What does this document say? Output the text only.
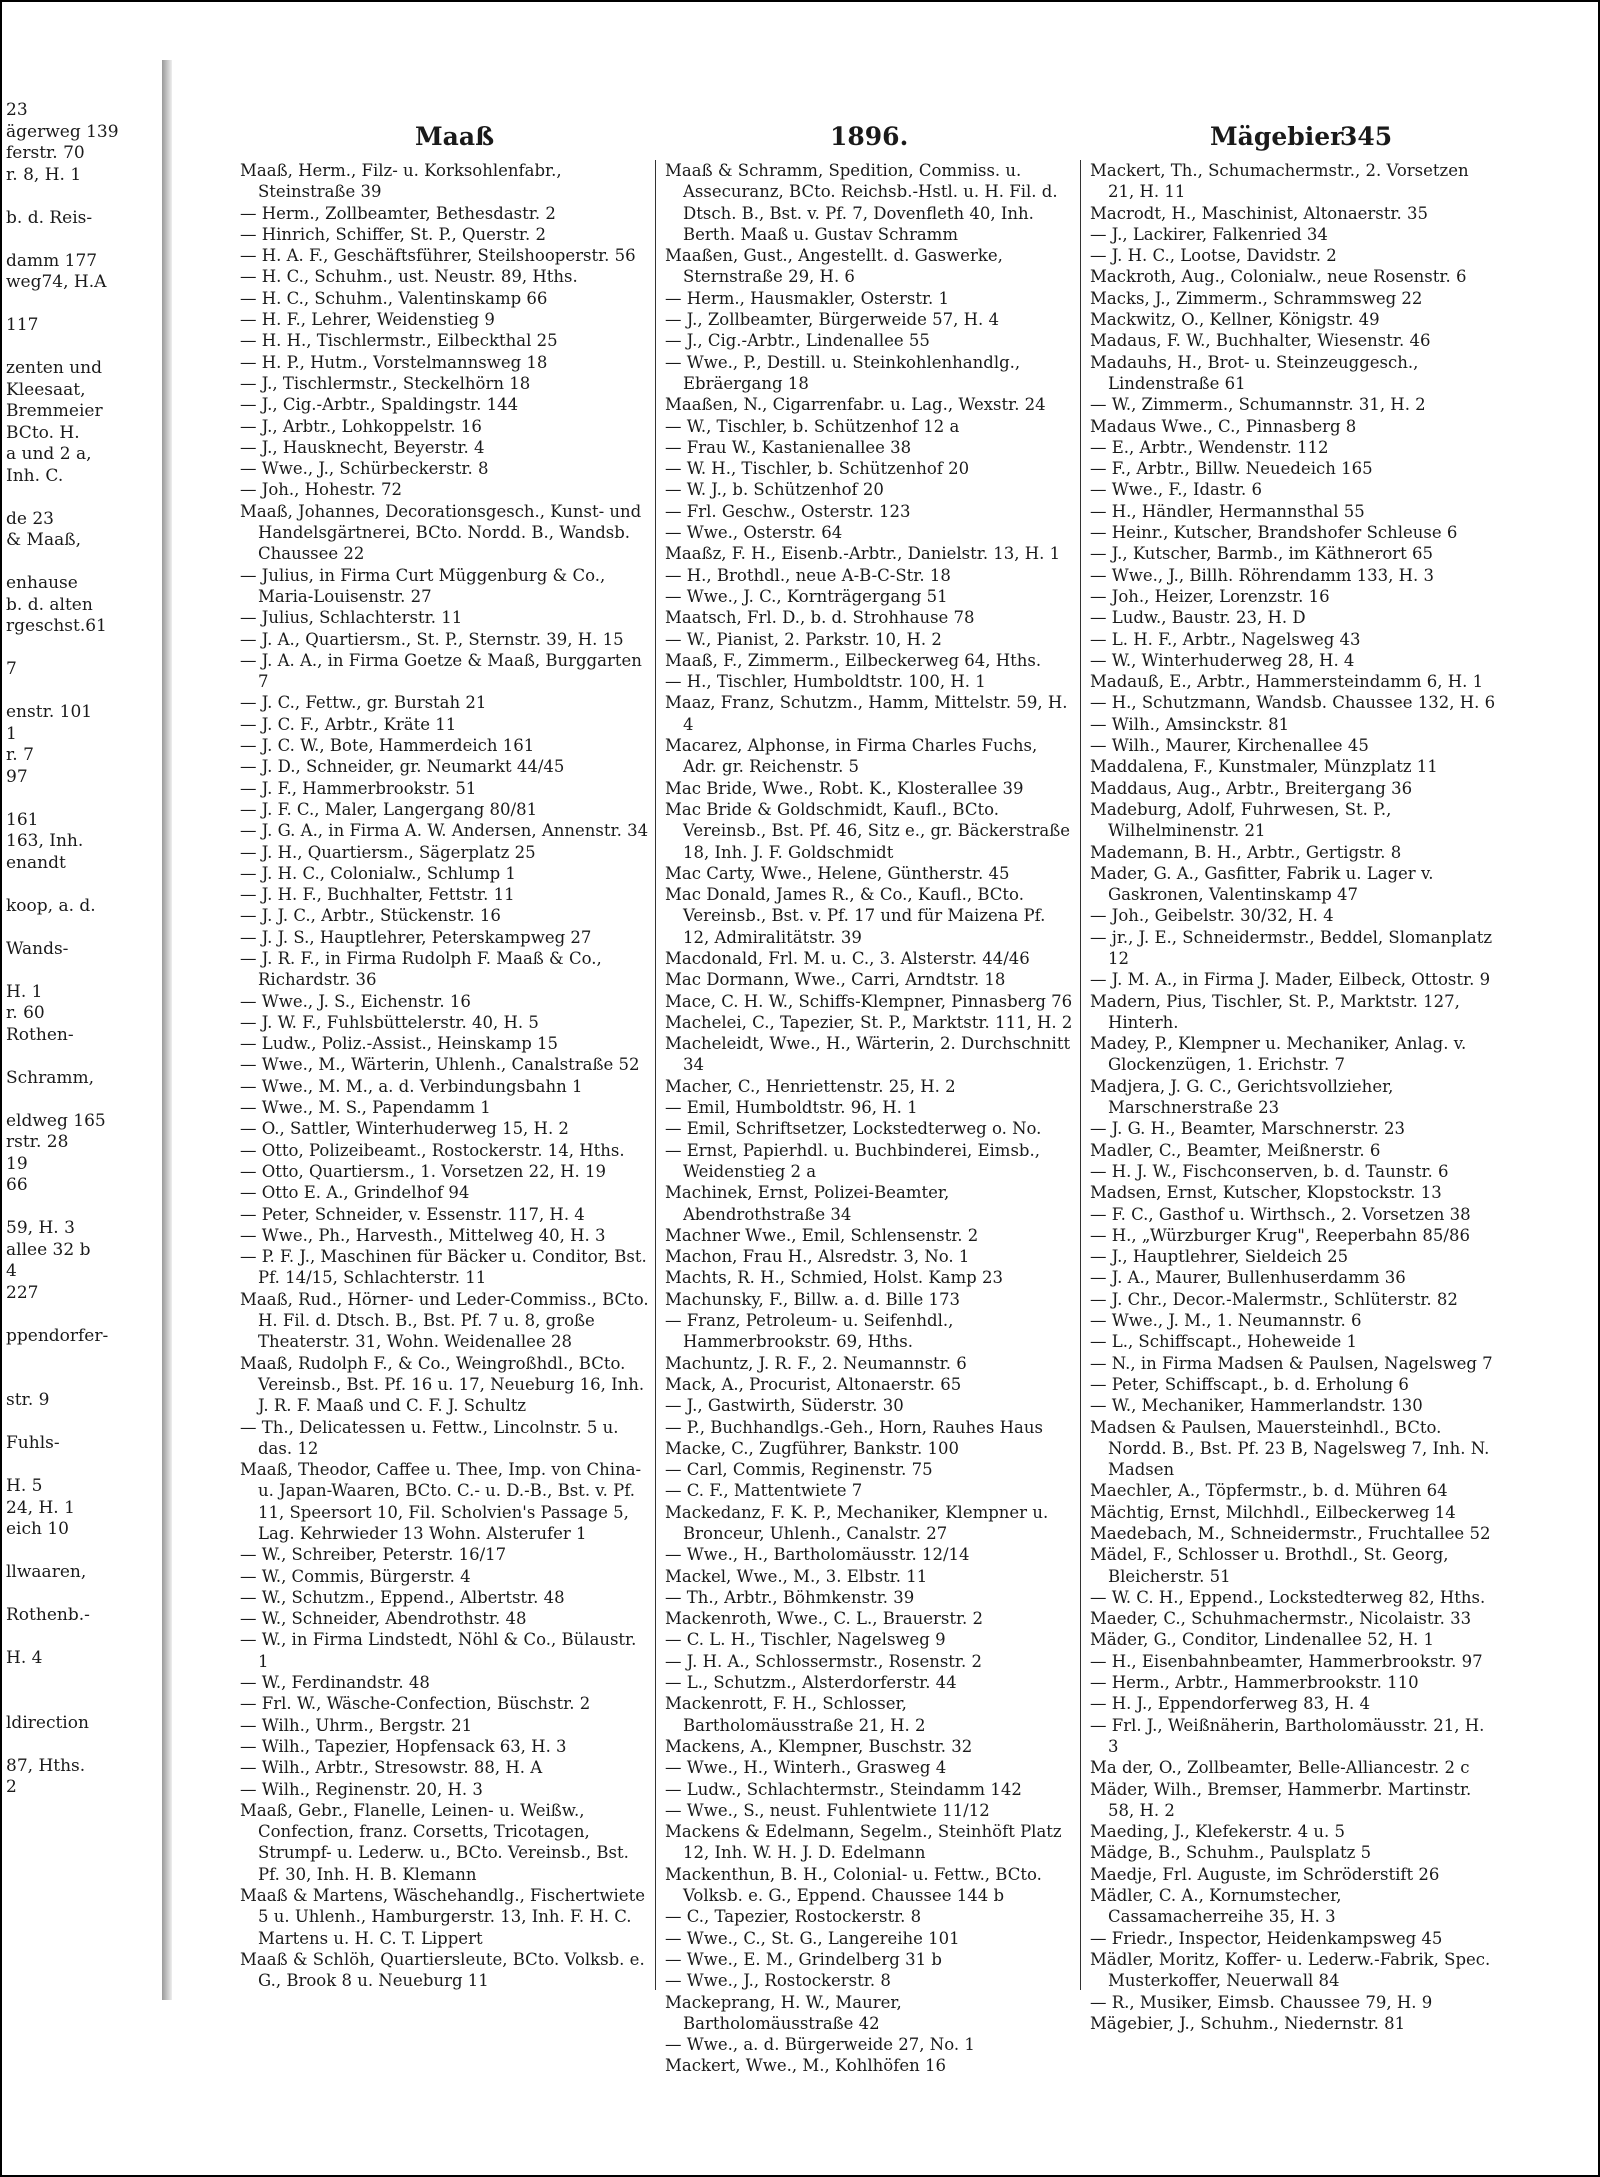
23
ägerweg 139
ferstr. 70
r. 8, H. 1

b. d. Reis-

damm 177
weg74, H.A

117

zenten und
Kleesaat,
Bremmeier
BCto. H.
a und 2 a,
Inh. C.

de 23
& Maaß,

enhause
b. d. alten
rgeschst.61

7

enstr. 101
1
r. 7
97

161
163, Inh.
enandt

koop, a. d.

Wands-

H. 1
r. 60
Rothen-

Schramm,

eldweg 165
rstr. 28
19
66

59, H. 3
allee 32 b
4
227

ppendorfer-

str. 9

Fuhls-

H. 5
24, H. 1
eich 10

llwaaren,

Rothenb.-

H. 4

ldirection

87, Hths.
2
Maaß	1896.	Mägebier
345
Maaß, Herm., Filz- u. Korksohlenfabr., Steinstraße 39
— Herm., Zollbeamter, Bethesdastr. 2
— Hinrich, Schiffer, St. P., Querstr. 2
— H. A. F., Geschäftsführer, Steilshooperstr. 56
— H. C., Schuhm., ust. Neustr. 89, Hths.
— H. C., Schuhm., Valentinskamp 66
— H. F., Lehrer, Weidenstieg 9
— H. H., Tischlermstr., Eilbeckthal 25
— H. P., Hutm., Vorstelmannsweg 18
— J., Tischlermstr., Steckelhörn 18
— J., Cig.-Arbtr., Spaldingstr. 144
— J., Arbtr., Lohkoppelstr. 16
— J., Hausknecht, Beyerstr. 4
— Wwe., J., Schürbeckerstr. 8
— Joh., Hohestr. 72
Maaß, Johannes, Decorationsgesch., Kunst- und Handelsgärtnerei, BCto. Nordd. B., Wandsb. Chaussee 22
— Julius, in Firma Curt Müggenburg & Co., Maria-Louisenstr. 27
— Julius, Schlachterstr. 11
— J. A., Quartiersm., St. P., Sternstr. 39, H. 15
— J. A. A., in Firma Goetze & Maaß, Burggarten 7
— J. C., Fettw., gr. Burstah 21
— J. C. F., Arbtr., Kräte 11
— J. C. W., Bote, Hammerdeich 161
— J. D., Schneider, gr. Neumarkt 44/45
— J. F., Hammerbrookstr. 51
— J. F. C., Maler, Langergang 80/81
— J. G. A., in Firma A. W. Andersen, Annenstr. 34
— J. H., Quartiersm., Sägerplatz 25
— J. H. C., Colonialw., Schlump 1
— J. H. F., Buchhalter, Fettstr. 11
— J. J. C., Arbtr., Stückenstr. 16
— J. J. S., Hauptlehrer, Peterskampweg 27
— J. R. F., in Firma Rudolph F. Maaß & Co., Richardstr. 36
— Wwe., J. S., Eichenstr. 16
— J. W. F., Fuhlsbüttelerstr. 40, H. 5
— Ludw., Poliz.-Assist., Heinskamp 15
— Wwe., M., Wärterin, Uhlenh., Canalstraße 52
— Wwe., M. M., a. d. Verbindungsbahn 1
— Wwe., M. S., Papendamm 1
— O., Sattler, Winterhuderweg 15, H. 2
— Otto, Polizeibeamt., Rostockerstr. 14, Hths.
— Otto, Quartiersm., 1. Vorsetzen 22, H. 19
— Otto E. A., Grindelhof 94
— Peter, Schneider, v. Essenstr. 117, H. 4
— Wwe., Ph., Harvesth., Mittelweg 40, H. 3
— P. F. J., Maschinen für Bäcker u. Conditor, Bst. Pf. 14/15, Schlachterstr. 11
Maaß, Rud., Hörner- und Leder-Commiss., BCto. H. Fil. d. Dtsch. B., Bst. Pf. 7 u. 8, große Theaterstr. 31, Wohn. Weidenallee 28
Maaß, Rudolph F., & Co., Weingroßhdl., BCto. Vereinsb., Bst. Pf. 16 u. 17, Neueburg 16, Inh. J. R. F. Maaß und C. F. J. Schultz
— Th., Delicatessen u. Fettw., Lincolnstr. 5 u. das. 12
Maaß, Theodor, Caffee u. Thee, Imp. von China- u. Japan-Waaren, BCto. C.- u. D.-B., Bst. v. Pf. 11, Speersort 10, Fil. Scholvien's Passage 5, Lag. Kehrwieder 13 Wohn. Alsterufer 1
— W., Schreiber, Peterstr. 16/17
— W., Commis, Bürgerstr. 4
— W., Schutzm., Eppend., Albertstr. 48
— W., Schneider, Abendrothstr. 48
— W., in Firma Lindstedt, Nöhl & Co., Bülaustr. 1
— W., Ferdinandstr. 48
— Frl. W., Wäsche-Confection, Büschstr. 2
— Wilh., Uhrm., Bergstr. 21
— Wilh., Tapezier, Hopfensack 63, H. 3
— Wilh., Arbtr., Stresowstr. 88, H. A
— Wilh., Reginenstr. 20, H. 3
Maaß, Gebr., Flanelle, Leinen- u. Weißw., Confection, franz. Corsetts, Tricotagen, Strumpf- u. Lederw. u., BCto. Vereinsb., Bst. Pf. 30, Inh. H. B. Klemann
Maaß & Martens, Wäschehandlg., Fischertwiete 5 u. Uhlenh., Hamburgerstr. 13, Inh. F. H. C. Martens u. H. C. T. Lippert
Maaß & Schlöh, Quartiersleute, BCto. Volksb. e. G., Brook 8 u. Neueburg 11
Maaß & Schramm, Spedition, Commiss. u. Assecuranz, BCto. Reichsb.-Hstl. u. H. Fil. d. Dtsch. B., Bst. v. Pf. 7, Dovenfleth 40, Inh. Berth. Maaß u. Gustav Schramm
Maaßen, Gust., Angestellt. d. Gaswerke, Sternstraße 29, H. 6
— Herm., Hausmakler, Osterstr. 1
— J., Zollbeamter, Bürgerweide 57, H. 4
— J., Cig.-Arbtr., Lindenallee 55
— Wwe., P., Destill. u. Steinkohlenhandlg., Ebräergang 18
Maaßen, N., Cigarrenfabr. u. Lag., Wexstr. 24
— W., Tischler, b. Schützenhof 12 a
— Frau W., Kastanienallee 38
— W. H., Tischler, b. Schützenhof 20
— W. J., b. Schützenhof 20
— Frl. Geschw., Osterstr. 123
— Wwe., Osterstr. 64
Maaßz, F. H., Eisenb.-Arbtr., Danielstr. 13, H. 1
— H., Brothdl., neue A-B-C-Str. 18
— Wwe., J. C., Kornträgergang 51
Maatsch, Frl. D., b. d. Strohhause 78
— W., Pianist, 2. Parkstr. 10, H. 2
Maaß, F., Zimmerm., Eilbeckerweg 64, Hths.
— H., Tischler, Humboldtstr. 100, H. 1
Maaz, Franz, Schutzm., Hamm, Mittelstr. 59, H. 4
Macarez, Alphonse, in Firma Charles Fuchs, Adr. gr. Reichenstr. 5
Mac Bride, Wwe., Robt. K., Klosterallee 39
Mac Bride & Goldschmidt, Kaufl., BCto. Vereinsb., Bst. Pf. 46, Sitz e., gr. Bäckerstraße 18, Inh. J. F. Goldschmidt
Mac Carty, Wwe., Helene, Güntherstr. 45
Mac Donald, James R., & Co., Kaufl., BCto. Vereinsb., Bst. v. Pf. 17 und für Maizena Pf. 12, Admiralitätstr. 39
Macdonald, Frl. M. u. C., 3. Alsterstr. 44/46
Mac Dormann, Wwe., Carri, Arndtstr. 18
Mace, C. H. W., Schiffs-Klempner, Pinnasberg 76
Machelei, C., Tapezier, St. P., Marktstr. 111, H. 2
Macheleidt, Wwe., H., Wärterin, 2. Durchschnitt 34
Macher, C., Henriettenstr. 25, H. 2
— Emil, Humboldtstr. 96, H. 1
— Emil, Schriftsetzer, Lockstedterweg o. No.
— Ernst, Papierhdl. u. Buchbinderei, Eimsb., Weidenstieg 2 a
Machinek, Ernst, Polizei-Beamter, Abendrothstraße 34
Machner Wwe., Emil, Schlensenstr. 2
Machon, Frau H., Alsredstr. 3, No. 1
Machts, R. H., Schmied, Holst. Kamp 23
Machunsky, F., Billw. a. d. Bille 173
— Franz, Petroleum- u. Seifenhdl., Hammerbrookstr. 69, Hths.
Machuntz, J. R. F., 2. Neumannstr. 6
Mack, A., Procurist, Altonaerstr. 65
— J., Gastwirth, Süderstr. 30
— P., Buchhandlgs.-Geh., Horn, Rauhes Haus
Macke, C., Zugführer, Bankstr. 100
— Carl, Commis, Reginenstr. 75
— C. F., Mattentwiete 7
Mackedanz, F. K. P., Mechaniker, Klempner u. Bronceur, Uhlenh., Canalstr. 27
— Wwe., H., Bartholomäusstr. 12/14
Mackel, Wwe., M., 3. Elbstr. 11
— Th., Arbtr., Böhmkenstr. 39
Mackenroth, Wwe., C. L., Brauerstr. 2
— C. L. H., Tischler, Nagelsweg 9
— J. H. A., Schlossermstr., Rosenstr. 2
— L., Schutzm., Alsterdorferstr. 44
Mackenrott, F. H., Schlosser, Bartholomäusstraße 21, H. 2
Mackens, A., Klempner, Buschstr. 32
— Wwe., H., Winterh., Grasweg 4
— Ludw., Schlachtermstr., Steindamm 142
— Wwe., S., neust. Fuhlentwiete 11/12
Mackens & Edelmann, Segelm., Steinhöft Platz 12, Inh. W. H. J. D. Edelmann
Mackenthun, B. H., Colonial- u. Fettw., BCto. Volksb. e. G., Eppend. Chaussee 144 b
— C., Tapezier, Rostockerstr. 8
— Wwe., C., St. G., Langereihe 101
— Wwe., E. M., Grindelberg 31 b
— Wwe., J., Rostockerstr. 8
Mackeprang, H. W., Maurer, Bartholomäusstraße 42
— Wwe., a. d. Bürgerweide 27, No. 1
Mackert, Wwe., M., Kohlhöfen 16
Mackert, Th., Schumachermstr., 2. Vorsetzen 21, H. 11
Macrodt, H., Maschinist, Altonaerstr. 35
— J., Lackirer, Falkenried 34
— J. H. C., Lootse, Davidstr. 2
Mackroth, Aug., Colonialw., neue Rosenstr. 6
Macks, J., Zimmerm., Schrammsweg 22
Mackwitz, O., Kellner, Königstr. 49
Madaus, F. W., Buchhalter, Wiesenstr. 46
Madauhs, H., Brot- u. Steinzeuggesch., Lindenstraße 61
— W., Zimmerm., Schumannstr. 31, H. 2
Madaus Wwe., C., Pinnasberg 8
— E., Arbtr., Wendenstr. 112
— F., Arbtr., Billw. Neuedeich 165
— Wwe., F., Idastr. 6
— H., Händler, Hermannsthal 55
— Heinr., Kutscher, Brandshofer Schleuse 6
— J., Kutscher, Barmb., im Käthnerort 65
— Wwe., J., Billh. Röhrendamm 133, H. 3
— Joh., Heizer, Lorenzstr. 16
— Ludw., Baustr. 23, H. D
— L. H. F., Arbtr., Nagelsweg 43
— W., Winterhuderweg 28, H. 4
Madauß, E., Arbtr., Hammersteindamm 6, H. 1
— H., Schutzmann, Wandsb. Chaussee 132, H. 6
— Wilh., Amsinckstr. 81
— Wilh., Maurer, Kirchenallee 45
Maddalena, F., Kunstmaler, Münzplatz 11
Maddaus, Aug., Arbtr., Breitergang 36
Madeburg, Adolf, Fuhrwesen, St. P., Wilhelminenstr. 21
Mademann, B. H., Arbtr., Gertigstr. 8
Mader, G. A., Gasfitter, Fabrik u. Lager v. Gaskronen, Valentinskamp 47
— Joh., Geibelstr. 30/32, H. 4
— jr., J. E., Schneidermstr., Beddel, Slomanplatz 12
— J. M. A., in Firma J. Mader, Eilbeck, Ottostr. 9
Madern, Pius, Tischler, St. P., Marktstr. 127, Hinterh.
Madey, P., Klempner u. Mechaniker, Anlag. v. Glockenzügen, 1. Erichstr. 7
Madjera, J. G. C., Gerichtsvollzieher, Marschnerstraße 23
— J. G. H., Beamter, Marschnerstr. 23
Madler, C., Beamter, Meißnerstr. 6
— H. J. W., Fischconserven, b. d. Taunstr. 6
Madsen, Ernst, Kutscher, Klopstockstr. 13
— F. C., Gasthof u. Wirthsch., 2. Vorsetzen 38
— H., „Würzburger Krug", Reeperbahn 85/86
— J., Hauptlehrer, Sieldeich 25
— J. A., Maurer, Bullenhuserdamm 36
— J. Chr., Decor.-Malermstr., Schlüterstr. 82
— Wwe., J. M., 1. Neumannstr. 6
— L., Schiffscapt., Hoheweide 1
— N., in Firma Madsen & Paulsen, Nagelsweg 7
— Peter, Schiffscapt., b. d. Erholung 6
— W., Mechaniker, Hammerlandstr. 130
Madsen & Paulsen, Mauersteinhdl., BCto. Nordd. B., Bst. Pf. 23 B, Nagelsweg 7, Inh. N. Madsen
Maechler, A., Töpfermstr., b. d. Mühren 64
Mächtig, Ernst, Milchhdl., Eilbeckerweg 14
Maedebach, M., Schneidermstr., Fruchtallee 52
Mädel, F., Schlosser u. Brothdl., St. Georg, Bleicherstr. 51
— W. C. H., Eppend., Lockstedterweg 82, Hths.
Maeder, C., Schuhmachermstr., Nicolaistr. 33
Mäder, G., Conditor, Lindenallee 52, H. 1
— H., Eisenbahnbeamter, Hammerbrookstr. 97
— Herm., Arbtr., Hammerbrookstr. 110
— H. J., Eppendorferweg 83, H. 4
— Frl. J., Weißnäherin, Bartholomäusstr. 21, H. 3
Ma der, O., Zollbeamter, Belle-Alliancestr. 2 c
Mäder, Wilh., Bremser, Hammerbr. Martinstr. 58, H. 2
Maeding, J., Klefekerstr. 4 u. 5
Mädge, B., Schuhm., Paulsplatz 5
Maedje, Frl. Auguste, im Schröderstift 26
Mädler, C. A., Kornumstecher, Cassamacherreihe 35, H. 3
— Friedr., Inspector, Heidenkampsweg 45
Mädler, Moritz, Koffer- u. Lederw.-Fabrik, Spec. Musterkoffer, Neuerwall 84
— R., Musiker, Eimsb. Chaussee 79, H. 9
Mägebier, J., Schuhm., Niedernstr. 81
